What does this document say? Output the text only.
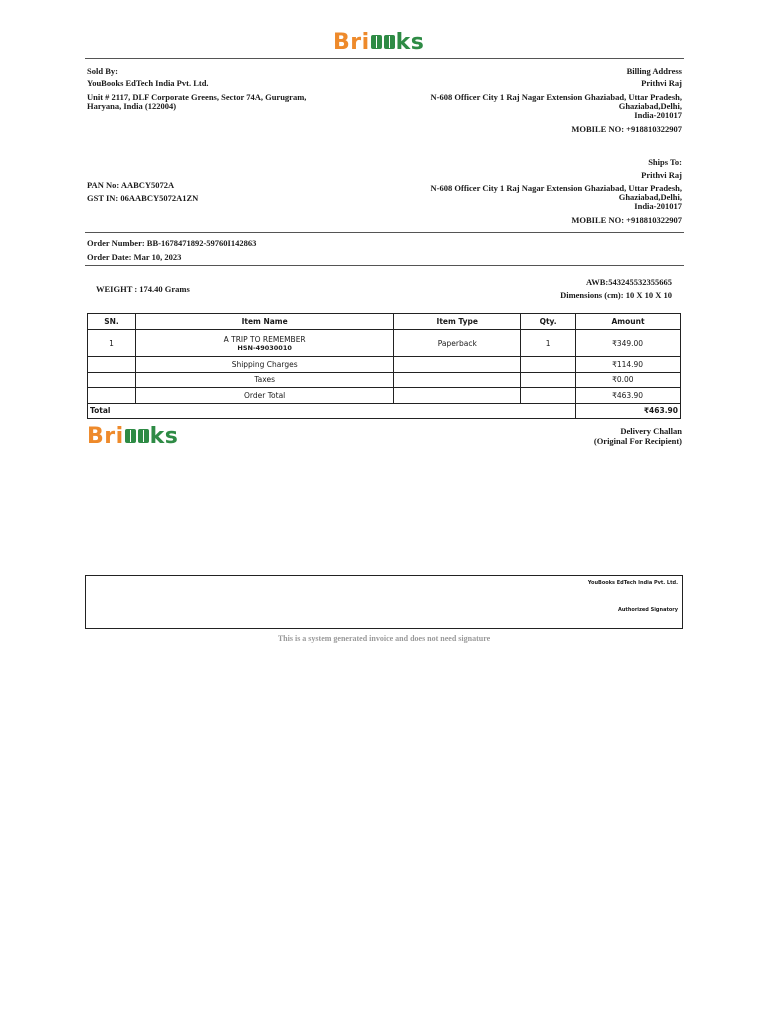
Bri ks
Sold By:
YouBooks EdTech India Pvt. Ltd.
Unit # 2117, DLF Corporate Greens, Sector 74A, Gurugram,
Haryana, India (122004)
Billing Address
Prithvi Raj
N-608 Officer City 1 Raj Nagar Extension Ghaziabad, Uttar Pradesh,
Ghaziabad,Delhi,
India-201017
MOBILE NO: +918810322907
Ships To:
Prithvi Raj
N-608 Officer City 1 Raj Nagar Extension Ghaziabad, Uttar Pradesh,
Ghaziabad,Delhi,
India-201017
MOBILE NO: +918810322907
PAN No: AABCY5072A
GST IN: 06AABCY5072A1ZN
Order Number: BB-1678471892-59760I142863
Order Date: Mar 10, 2023
WEIGHT : 174.40 Grams
AWB:543245532355665
Dimensions (cm): 10 X 10 X 10
SN.	Item Name	Item Type	Qty.	Amount
1	A TRIP TO REMEMBER
HSN-49030010	Paperback	1	₹349.00
	Shipping Charges			₹114.90
	Taxes			₹0.00
	Order Total			₹463.90
Total				₹463.90
Bri ks	Delivery Challan
(Original For Recipient)
YouBooks EdTech India Pvt. Ltd.
Authorized Signatory
This is a system generated invoice and does not need signature
